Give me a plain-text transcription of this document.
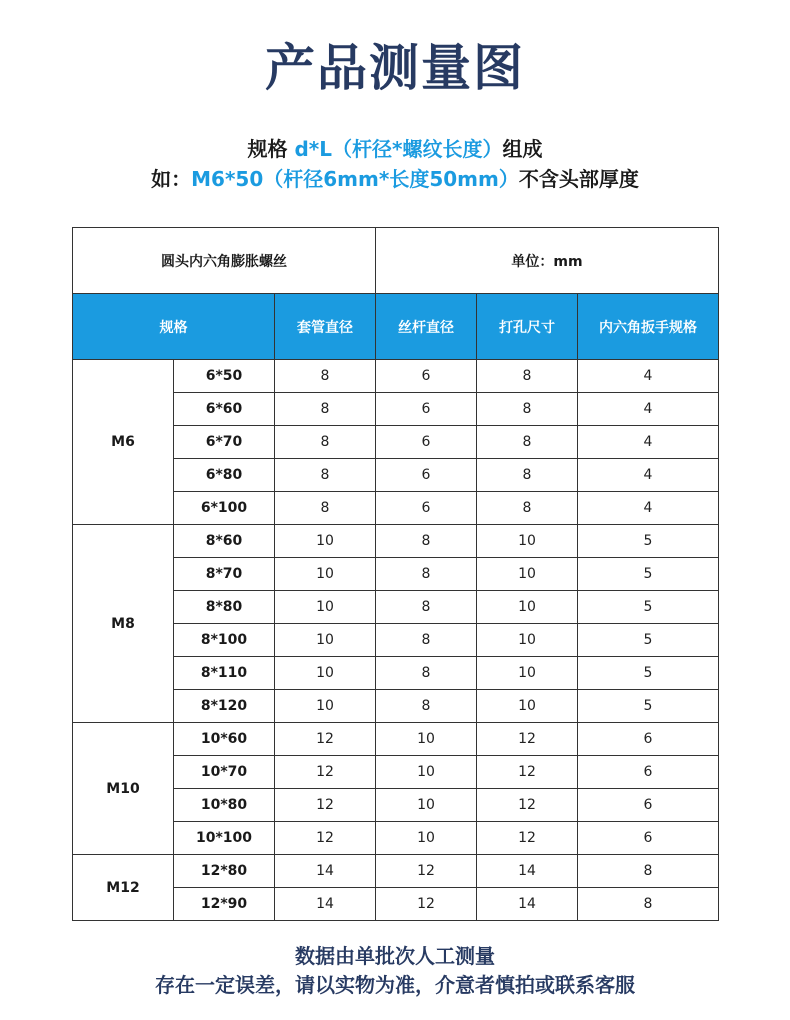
产品测量图
规格 d*L（杆径*螺纹长度）组成
如：M6*50（杆径6mm*长度50mm）不含头部厚度
圆头内六角膨胀螺丝			单位：mm		
规格		套管直径	丝杆直径	打孔尺寸	内六角扳手规格
M6	6*50	8	6	8	4
	6*60	8	6	8	4
	6*70	8	6	8	4
	6*80	8	6	8	4
	6*100	8	6	8	4
M8	8*60	10	8	10	5
	8*70	10	8	10	5
	8*80	10	8	10	5
	8*100	10	8	10	5
	8*110	10	8	10	5
	8*120	10	8	10	5
M10	10*60	12	10	12	6
	10*70	12	10	12	6
	10*80	12	10	12	6
	10*100	12	10	12	6
M12	12*80	14	12	14	8
	12*90	14	12	14	8
数据由单批次人工测量
存在一定误差，请以实物为准，介意者慎拍或联系客服
